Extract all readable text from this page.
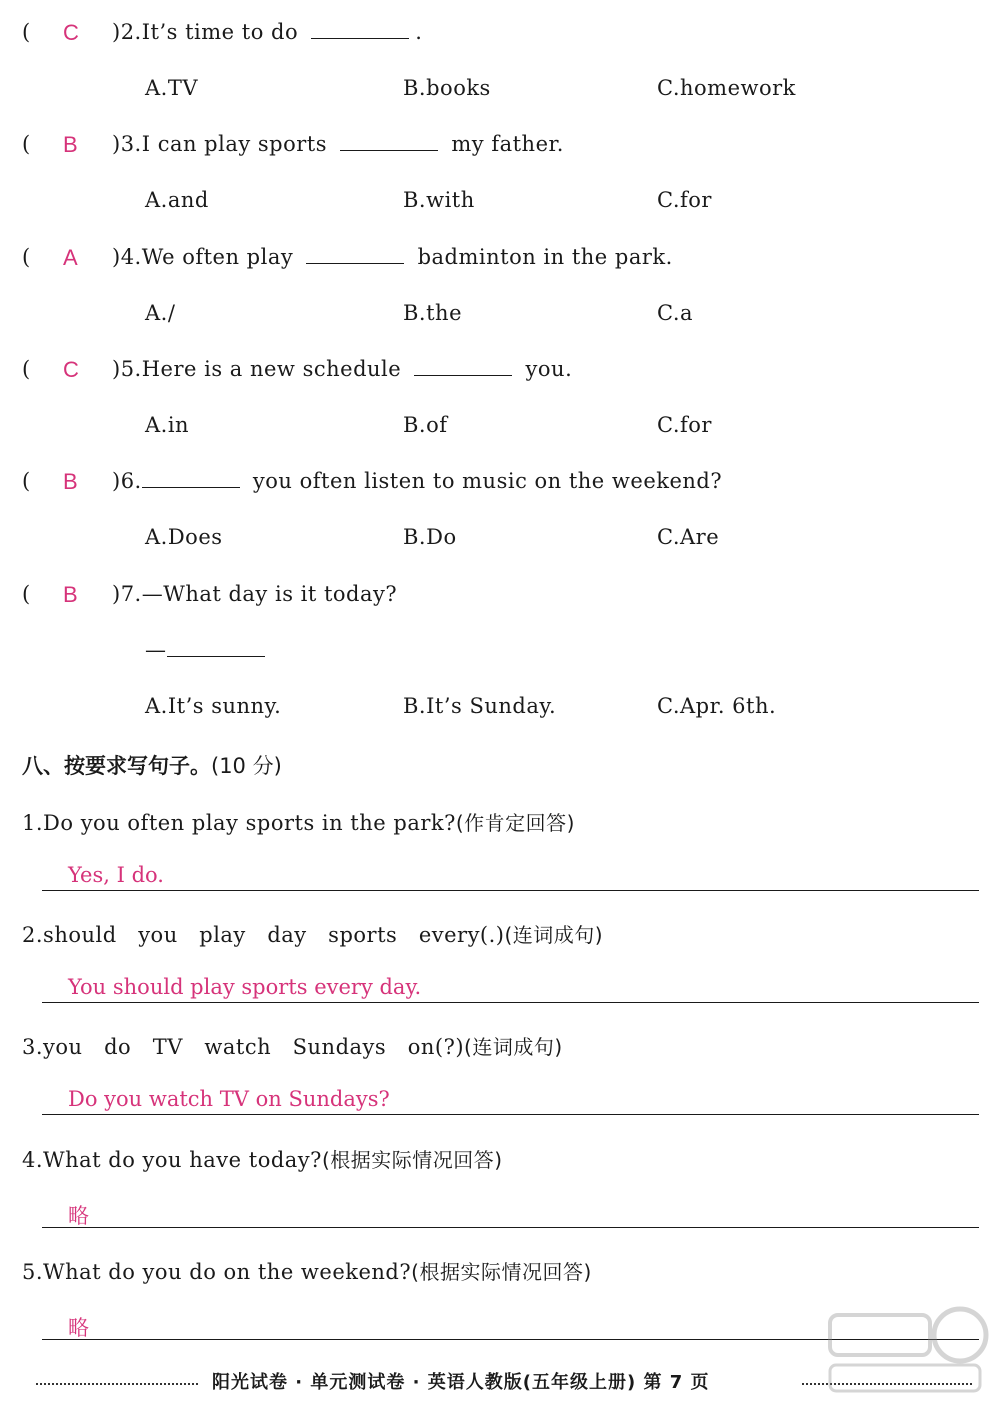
( C )2.It’s time to do	.
A.TV	B.books	C.homework
( B )3.I can play sports	my father.
A.and	B.with	C.for
( A )4.We often play	badminton in the park.
A./	B.the	C.a
( C )5.Here is a new schedule	you.
A.in	B.of	C.for
( B )6.	you often listen to music on the weekend?
A.Does	B.Do	C.Are
( B )7.—What day is it today?
—
A.It’s sunny.	B.It’s Sunday.	C.Apr. 6th.
八、按要求写句子。(10 分)
1.Do you often play sports in the park?(作肯定回答)
Yes, I do.
2.should   you   play   day   sports   every(.)(连词成句)
You should play sports every day.
3.you   do   TV   watch   Sundays   on(?)(连词成句)
Do you watch TV on Sundays?
4.What do you have today?(根据实际情况回答)
略
5.What do you do on the weekend?(根据实际情况回答)
略
阳光试卷 · 单元测试卷 · 英语人教版(五年级上册) 第 7 页
